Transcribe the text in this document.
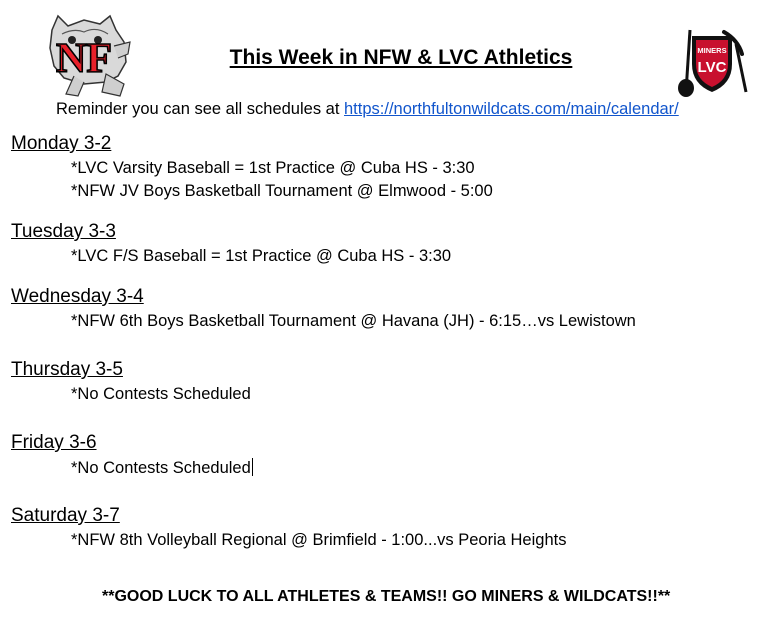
NF	This Week in NFW & LVC Athletics	MINERS
LVC
Reminder you can see all schedules at https://northfultonwildcats.com/main/calendar/
Monday 3-2
*LVC Varsity Baseball = 1st Practice @ Cuba HS - 3:30
*NFW JV Boys Basketball Tournament @ Elmwood - 5:00
Tuesday 3-3
*LVC F/S Baseball = 1st Practice @ Cuba HS - 3:30
Wednesday 3-4
*NFW 6th Boys Basketball Tournament @ Havana (JH) - 6:15…vs Lewistown
Thursday 3-5
*No Contests Scheduled
Friday 3-6
*No Contests Scheduled
Saturday 3-7
*NFW 8th Volleyball Regional @ Brimfield - 1:00...vs Peoria Heights
**GOOD LUCK TO ALL ATHLETES & TEAMS!! GO MINERS & WILDCATS!!**
